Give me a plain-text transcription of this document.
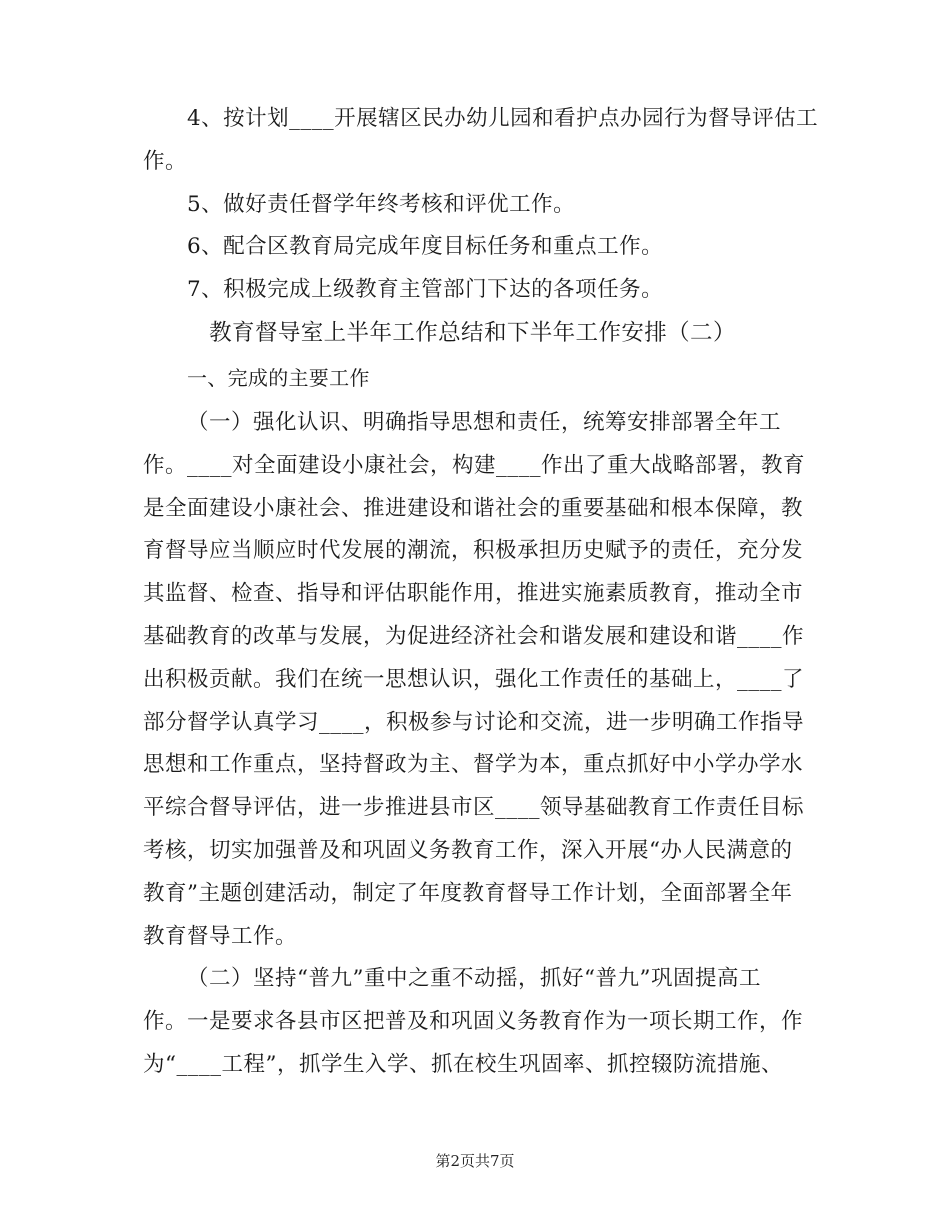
4、按计划____开展辖区民办幼儿园和看护点办园行为督导评估工
作。
5、做好责任督学年终考核和评优工作。
6、配合区教育局完成年度目标任务和重点工作。
7、积极完成上级教育主管部门下达的各项任务。
教育督导室上半年工作总结和下半年工作安排（二）
一、完成的主要工作
（一）强化认识、明确指导思想和责任，统筹安排部署全年工
作。____对全面建设小康社会，构建____作出了重大战略部署，教育
是全面建设小康社会、推进建设和谐社会的重要基础和根本保障，教
育督导应当顺应时代发展的潮流，积极承担历史赋予的责任，充分发
其监督、检查、指导和评估职能作用，推进实施素质教育，推动全市
基础教育的改革与发展，为促进经济社会和谐发展和建设和谐____作
出积极贡献。我们在统一思想认识，强化工作责任的基础上，____了
部分督学认真学习____，积极参与讨论和交流，进一步明确工作指导
思想和工作重点，坚持督政为主、督学为本，重点抓好中小学办学水
平综合督导评估，进一步推进县市区____领导基础教育工作责任目标
考核，切实加强普及和巩固义务教育工作，深入开展“办人民满意的
教育”主题创建活动，制定了年度教育督导工作计划，全面部署全年
教育督导工作。
（二）坚持“普九”重中之重不动摇，抓好“普九”巩固提高工
作。一是要求各县市区把普及和巩固义务教育作为一项长期工作，作
为“____工程”，抓学生入学、抓在校生巩固率、抓控辍防流措施、
第2页共7页
